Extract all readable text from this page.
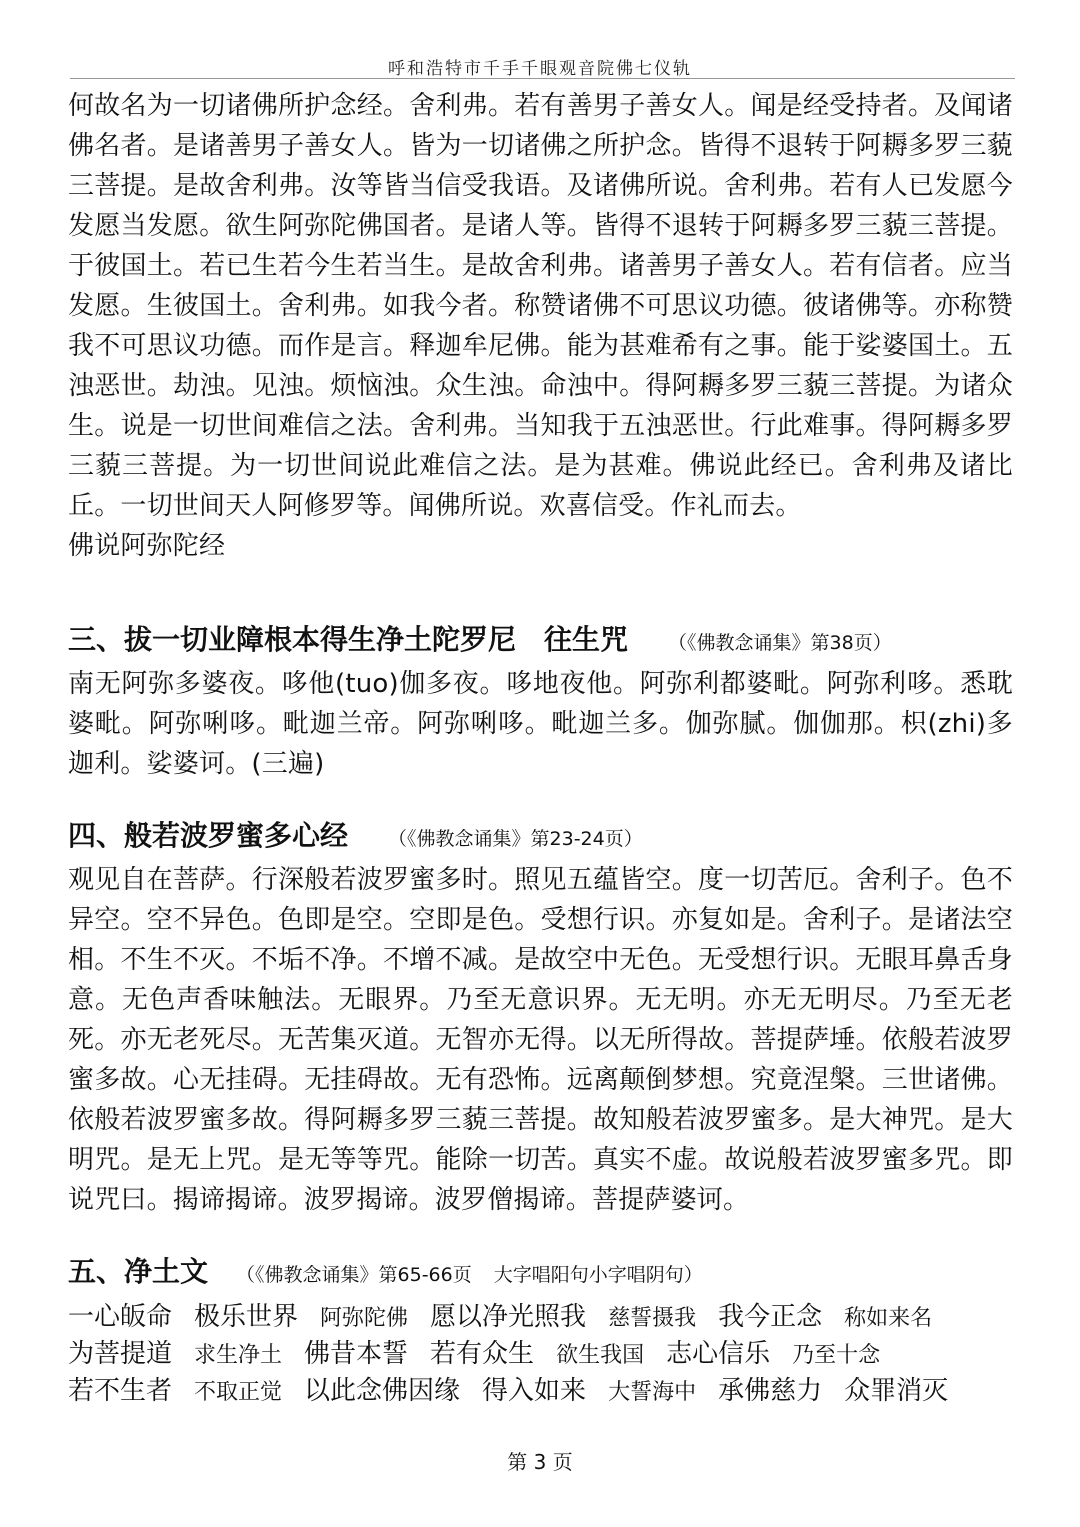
呼和浩特市千手千眼观音院佛七仪轨

何故名为一切诸佛所护念经。舍利弗。若有善男子善女人。闻是经受持者。及闻诸佛名者。是诸善男子善女人。皆为一切诸佛之所护念。皆得不退转于阿耨多罗三藐三菩提。是故舍利弗。汝等皆当信受我语。及诸佛所说。舍利弗。若有人已发愿今发愿当发愿。欲生阿弥陀佛国者。是诸人等。皆得不退转于阿耨多罗三藐三菩提。于彼国土。若已生若今生若当生。是故舍利弗。诸善男子善女人。若有信者。应当发愿。生彼国土。舍利弗。如我今者。称赞诸佛不可思议功德。彼诸佛等。亦称赞我不可思议功德。而作是言。释迦牟尼佛。能为甚难希有之事。能于娑婆国土。五浊恶世。劫浊。见浊。烦恼浊。众生浊。命浊中。得阿耨多罗三藐三菩提。为诸众生。说是一切世间难信之法。舍利弗。当知我于五浊恶世。行此难事。得阿耨多罗三藐三菩提。为一切世间说此难信之法。是为甚难。佛说此经已。舍利弗及诸比丘。一切世间天人阿修罗等。闻佛所说。欢喜信受。作礼而去。

佛说阿弥陀经

三、拔一切业障根本得生净土陀罗尼　往生咒 （《佛教念诵集》第38页）

南无阿弥多婆夜。哆他(tuo)伽多夜。哆地夜他。阿弥利都婆毗。阿弥利哆。悉耽婆毗。阿弥唎哆。毗迦兰帝。阿弥唎哆。毗迦兰多。伽弥腻。伽伽那。枳(zhi)多迦利。娑婆诃。(三遍)

四、般若波罗蜜多心经 （《佛教念诵集》第23-24页）

观见自在菩萨。行深般若波罗蜜多时。照见五蕴皆空。度一切苦厄。舍利子。色不异空。空不异色。色即是空。空即是色。受想行识。亦复如是。舍利子。是诸法空相。不生不灭。不垢不净。不增不减。是故空中无色。无受想行识。无眼耳鼻舌身意。无色声香味触法。无眼界。乃至无意识界。无无明。亦无无明尽。乃至无老死。亦无老死尽。无苦集灭道。无智亦无得。以无所得故。菩提萨埵。依般若波罗蜜多故。心无挂碍。无挂碍故。无有恐怖。远离颠倒梦想。究竟涅槃。三世诸佛。依般若波罗蜜多故。得阿耨多罗三藐三菩提。故知般若波罗蜜多。是大神咒。是大明咒。是无上咒。是无等等咒。能除一切苦。真实不虚。故说般若波罗蜜多咒。即说咒曰。揭谛揭谛。波罗揭谛。波罗僧揭谛。菩提萨婆诃。

五、净土文 （《佛教念诵集》第65-66页 大字唱阳句小字唱阴句）
一心皈命 极乐世界 阿弥陀佛 愿以净光照我 慈誓摄我 我今正念 称如来名
为菩提道 求生净土 佛昔本誓 若有众生 欲生我国 志心信乐 乃至十念
若不生者 不取正觉 以此念佛因缘 得入如来 大誓海中 承佛慈力 众罪消灭
第 3 页
